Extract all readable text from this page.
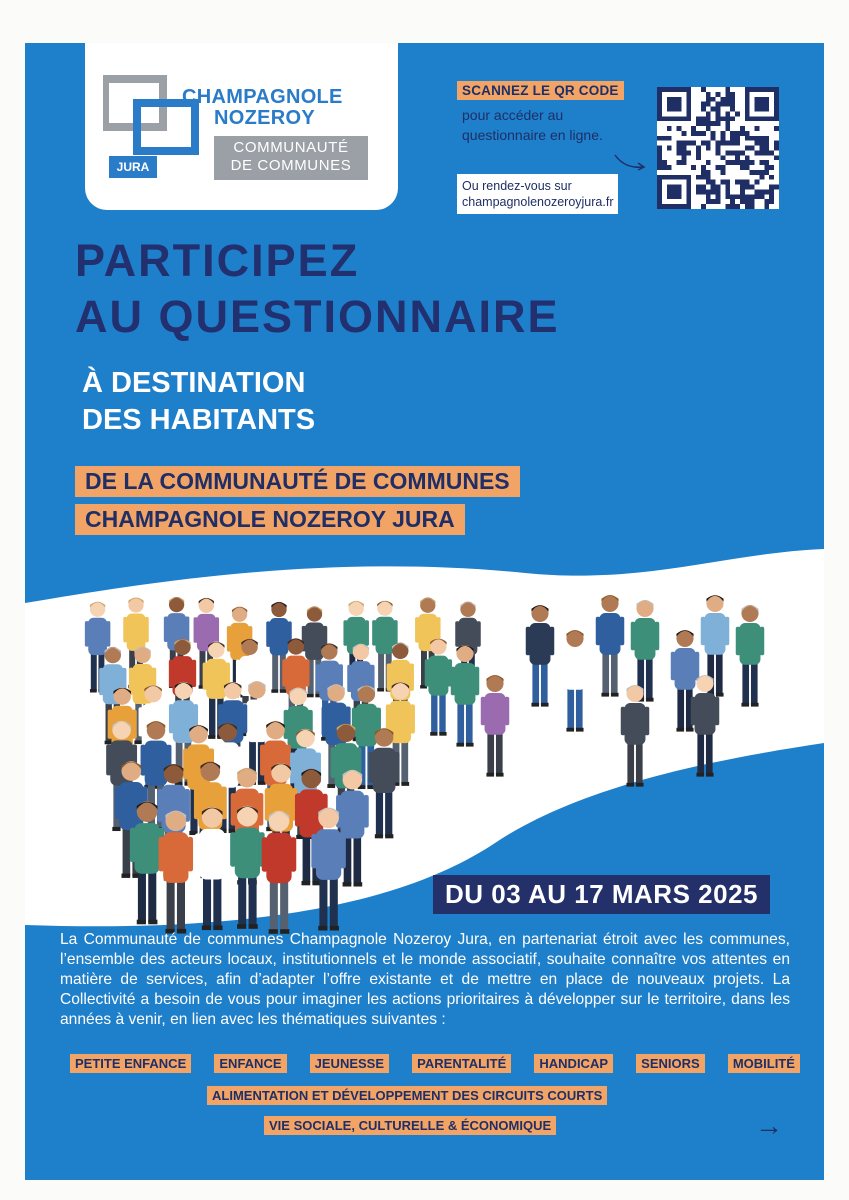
CHAMPAGNOLE
NOZEROY
COMMUNAUTÉ
DE COMMUNES
JURA
SCANNEZ LE QR CODE
pour accéder au
questionnaire en ligne.
Ou rendez-vous sur
champagnolenozeroyjura.fr
PARTICIPEZ
AU QUESTIONNAIRE
À DESTINATION
DES HABITANTS
DE LA COMMUNAUTÉ DE COMMUNES
CHAMPAGNOLE NOZEROY JURA
DU 03 AU 17 MARS 2025
La Communauté de communes Champagnole Nozeroy Jura, en partenariat étroit avec les communes, l’ensemble des acteurs locaux, institutionnels et le monde associatif, souhaite connaître vos attentes en matière de services, afin d’adapter l’offre existante et de mettre en place de nouveaux projets. La Collectivité a besoin de vous pour imaginer les actions prioritaires à développer sur le territoire, dans les années à venir, en lien avec les thématiques suivantes :
PETITE ENFANCE	ENFANCE	JEUNESSE	PARENTALITÉ	HANDICAP	SENIORS	MOBILITÉ
ALIMENTATION ET DÉVELOPPEMENT DES CIRCUITS COURTS
VIE SOCIALE, CULTURELLE & ÉCONOMIQUE	→
